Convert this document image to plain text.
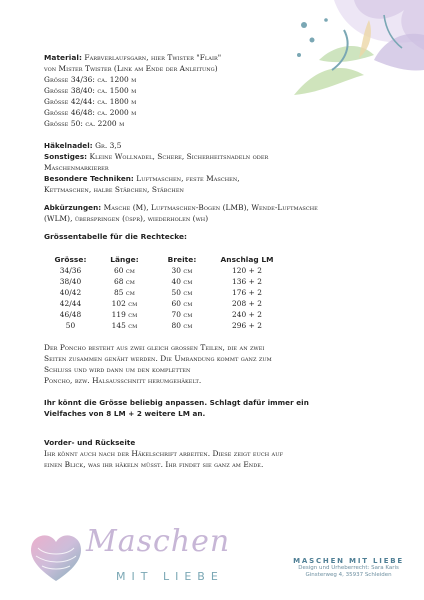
Material: Farbverlaufsgarn, hier Twister "Flair"

von Mister Twister (Link am Ende der Anleitung)

Grösse 34/36: ca. 1200 m

Grösse 38/40: ca. 1500 m

Grösse 42/44: ca. 1800 m

Grösse 46/48: ca. 2000 m

Grösse 50: ca. 2200 m

Häkelnadel: Gr. 3,5

Sonstiges: Kleine Wollnadel, Schere, Sicherheitsnadeln oder

Maschenmarkierer

Besondere Techniken: Luftmaschen, feste Maschen,

Kettmaschen, halbe Stäbchen, Stäbchen

Abkürzungen: Masche (M), Luftmaschen-Bogen (LMB), Wende-Luftmasche

(WLM), überspringen (üspr), wiederholen (wh)

Grössentabelle für die Rechtecke:

Grösse:	Länge:	Breite:	Anschlag LM
34/36	60 cm	30 cm	120 + 2
38/40	68 cm	40 cm	136 + 2
40/42	85 cm	50 cm	176 + 2
42/44	102 cm	60 cm	208 + 2
46/48	119 cm	70 cm	240 + 2
50	145 cm	80 cm	296 + 2

Der Poncho besteht aus zwei gleich grossen Teilen, die an zwei

Seiten zusammen genäht werden. Die Umrandung kommt ganz zum

Schluss und wird dann um den kompletten

Poncho, bzw. Halsausschnitt herumgehäkelt.

Ihr könnt die Grösse beliebig anpassen. Schlagt dafür immer ein

Vielfaches von 8 LM + 2 weitere LM an.

Vorder- und Rückseite

Ihr könnt auch nach der Häkelschrift arbeiten. Diese zeigt euch auf

einen Blick, was ihr häkeln müsst. Ihr findet sie ganz am Ende.

Maschen
MIT LIEBE
MASCHEN MIT LIEBE
Design und Urheberrecht: Sara Karis
Ginsterweg 4, 35937 Schleiden
